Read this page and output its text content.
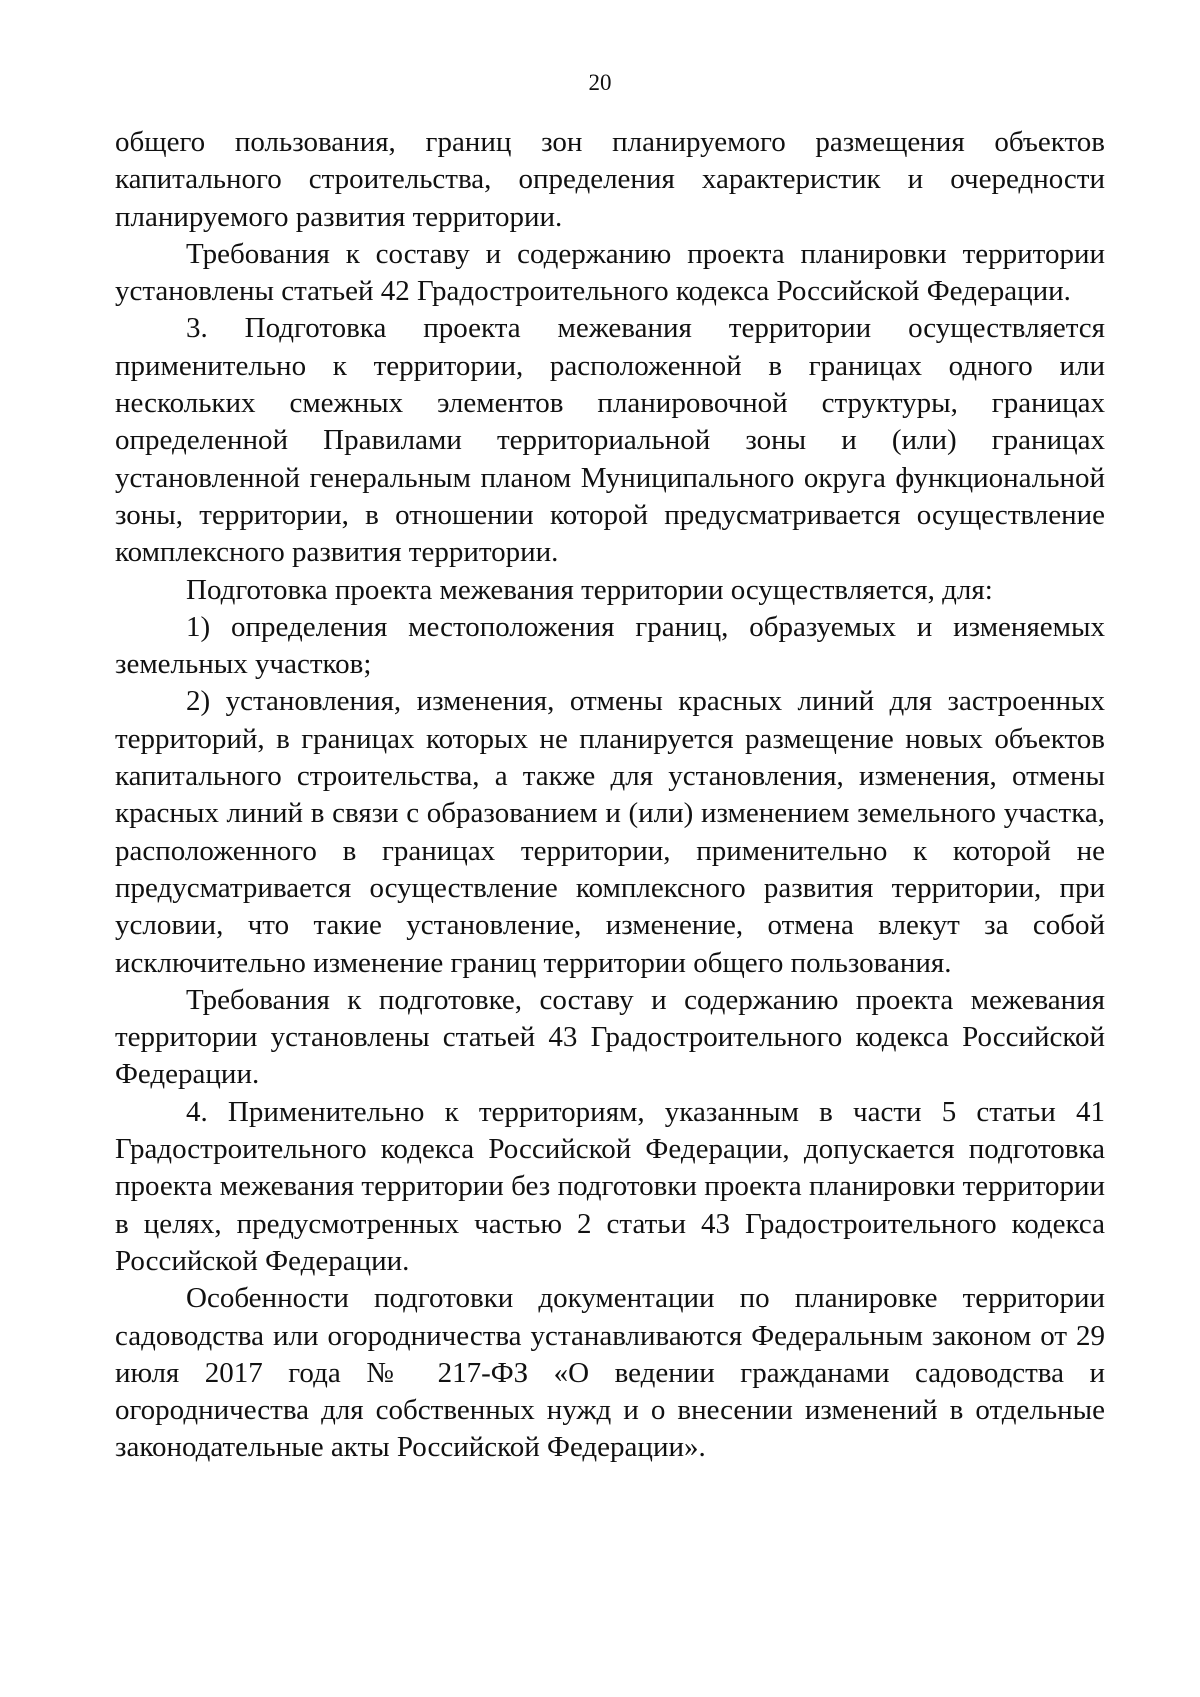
20

общего пользования, границ зон планируемого размещения объектов капитального строительства, определения характеристик и очередности планируемого развития территории.

Требования к составу и содержанию проекта планировки территории установлены статьей 42 Градостроительного кодекса Российской Федерации.

3. Подготовка проекта межевания территории осуществляется применительно к территории, расположенной в границах одного или нескольких смежных элементов планировочной структуры, границах определенной Правилами территориальной зоны и (или) границах установленной генеральным планом Муниципального округа функциональной зоны, территории, в отношении которой предусматривается осуществление комплексного развития территории.

Подготовка проекта межевания территории осуществляется, для:

1) определения местоположения границ, образуемых и изменяемых земельных участков;

2) установления, изменения, отмены красных линий для застроенных территорий, в границах которых не планируется размещение новых объектов капитального строительства, а также для установления, изменения, отмены красных линий в связи с образованием и (или) изменением земельного участка, расположенного в границах территории, применительно к которой не предусматривается осуществление комплексного развития территории, при условии, что такие установление, изменение, отмена влекут за собой исключительно изменение границ территории общего пользования.

Требования к подготовке, составу и содержанию проекта межевания территории установлены статьей 43 Градостроительного кодекса Российской Федерации.

4. Применительно к территориям, указанным в части 5 статьи 41 Градостроительного кодекса Российской Федерации, допускается подготовка проекта межевания территории без подготовки проекта планировки территории в целях, предусмотренных частью 2 статьи 43 Градостроительного кодекса Российской Федерации.

Особенности подготовки документации по планировке территории садоводства или огородничества устанавливаются Федеральным законом от 29 июля 2017 года № 217-ФЗ «О ведении гражданами садоводства и огородничества для собственных нужд и о внесении изменений в отдельные законодательные акты Российской Федерации».
